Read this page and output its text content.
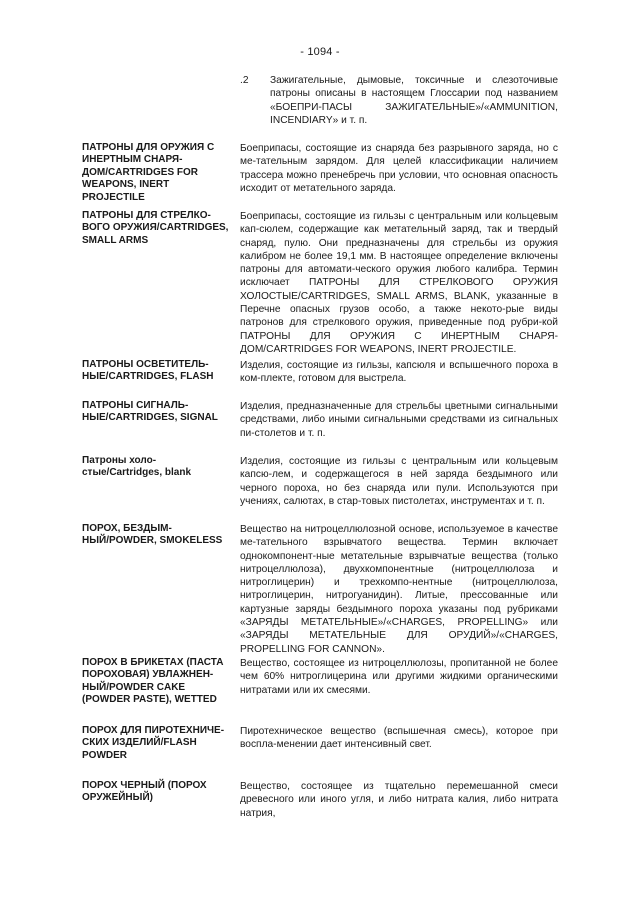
- 1094 -
.2 Зажигательные, дымовые, токсичные и слезоточивые патроны описаны в настоящем Глоссарии под названием «БОЕПРИ-ПАСЫ ЗАЖИГАТЕЛЬНЫЕ»/«AMMUNITION, INCENDIARY» и т. п.
ПАТРОНЫ ДЛЯ ОРУЖИЯ С ИНЕРТНЫМ СНАРЯ-ДОМ/CARTRIDGES FOR WEAPONS, INERT PROJECTILE
Боеприпасы, состоящие из снаряда без разрывного заряда, но с ме-тательным зарядом. Для целей классификации наличием трассера можно пренебречь при условии, что основная опасность исходит от метательного заряда.
ПАТРОНЫ ДЛЯ СТРЕЛКО-ВОГО ОРУЖИЯ/CARTRIDGES, SMALL ARMS
Боеприпасы, состоящие из гильзы с центральным или кольцевым кап-сюлем, содержащие как метательный заряд, так и твердый снаряд, пулю. Они предназначены для стрельбы из оружия калибром не более 19,1 мм. В настоящее определение включены патроны для автомати-ческого оружия любого калибра. Термин исключает ПАТРОНЫ ДЛЯ СТРЕЛКОВОГО ОРУЖИЯ ХОЛОСТЫЕ/CARTRIDGES, SMALL ARMS, BLANK, указанные в Перечне опасных грузов особо, а также некото-рые виды патронов для стрелкового оружия, приведенные под рубри-кой ПАТРОНЫ ДЛЯ ОРУЖИЯ С ИНЕРТНЫМ СНАРЯ-ДОМ/CARTRIDGES FOR WEAPONS, INERT PROJECTILE.
ПАТРОНЫ ОСВЕТИТЕЛЬ-НЫЕ/CARTRIDGES, FLASH
Изделия, состоящие из гильзы, капсюля и вспышечного пороха в ком-плекте, готовом для выстрела.
ПАТРОНЫ СИГНАЛЬ-НЫЕ/CARTRIDGES, SIGNAL
Изделия, предназначенные для стрельбы цветными сигнальными средствами, либо иными сигнальными средствами из сигнальных пи-столетов и т. п.
Патроны холо-стые/Cartridges, blank
Изделия, состоящие из гильзы с центральным или кольцевым капсю-лем, и содержащегося в ней заряда бездымного или черного пороха, но без снаряда или пули. Используются при учениях, салютах, в стар-товых пистолетах, инструментах и т. п.
ПОРОХ, БЕЗДЫМ-НЫЙ/POWDER, SMOKELESS
Вещество на нитроцеллюлозной основе, используемое в качестве ме-тательного взрывчатого вещества. Термин включает однокомпонент-ные метательные взрывчатые вещества (только нитроцеллюлоза), двухкомпонентные (нитроцеллюлоза и нитроглицерин) и трехкомпо-нентные (нитроцеллюлоза, нитроглицерин, нитрогуанидин). Литые, прессованные или картузные заряды бездымного пороха указаны под рубриками «ЗАРЯДЫ МЕТАТЕЛЬНЫЕ»/«CHARGES, PROPELLING» или «ЗАРЯДЫ МЕТАТЕЛЬНЫЕ ДЛЯ ОРУДИЙ»/«CHARGES, PROPELLING FOR CANNON».
ПОРОХ В БРИКЕТАХ (ПАСТА ПОРОХОВАЯ) УВЛАЖНЕН-НЫЙ/POWDER CAKE (POWDER PASTE), WETTED
Вещество, состоящее из нитроцеллюлозы, пропитанной не более чем 60% нитроглицерина или другими жидкими органическими нитратами или их смесями.
ПОРОХ ДЛЯ ПИРОТЕХНИЧЕ-СКИХ ИЗДЕЛИЙ/FLASH POWDER
Пиротехническое вещество (вспышечная смесь), которое при воспла-менении дает интенсивный свет.
ПОРОХ ЧЕРНЫЙ (ПОРОХ ОРУЖЕЙНЫЙ)
Вещество, состоящее из тщательно перемешанной смеси древесного или иного угля, и либо нитрата калия, либо нитрата натрия,
